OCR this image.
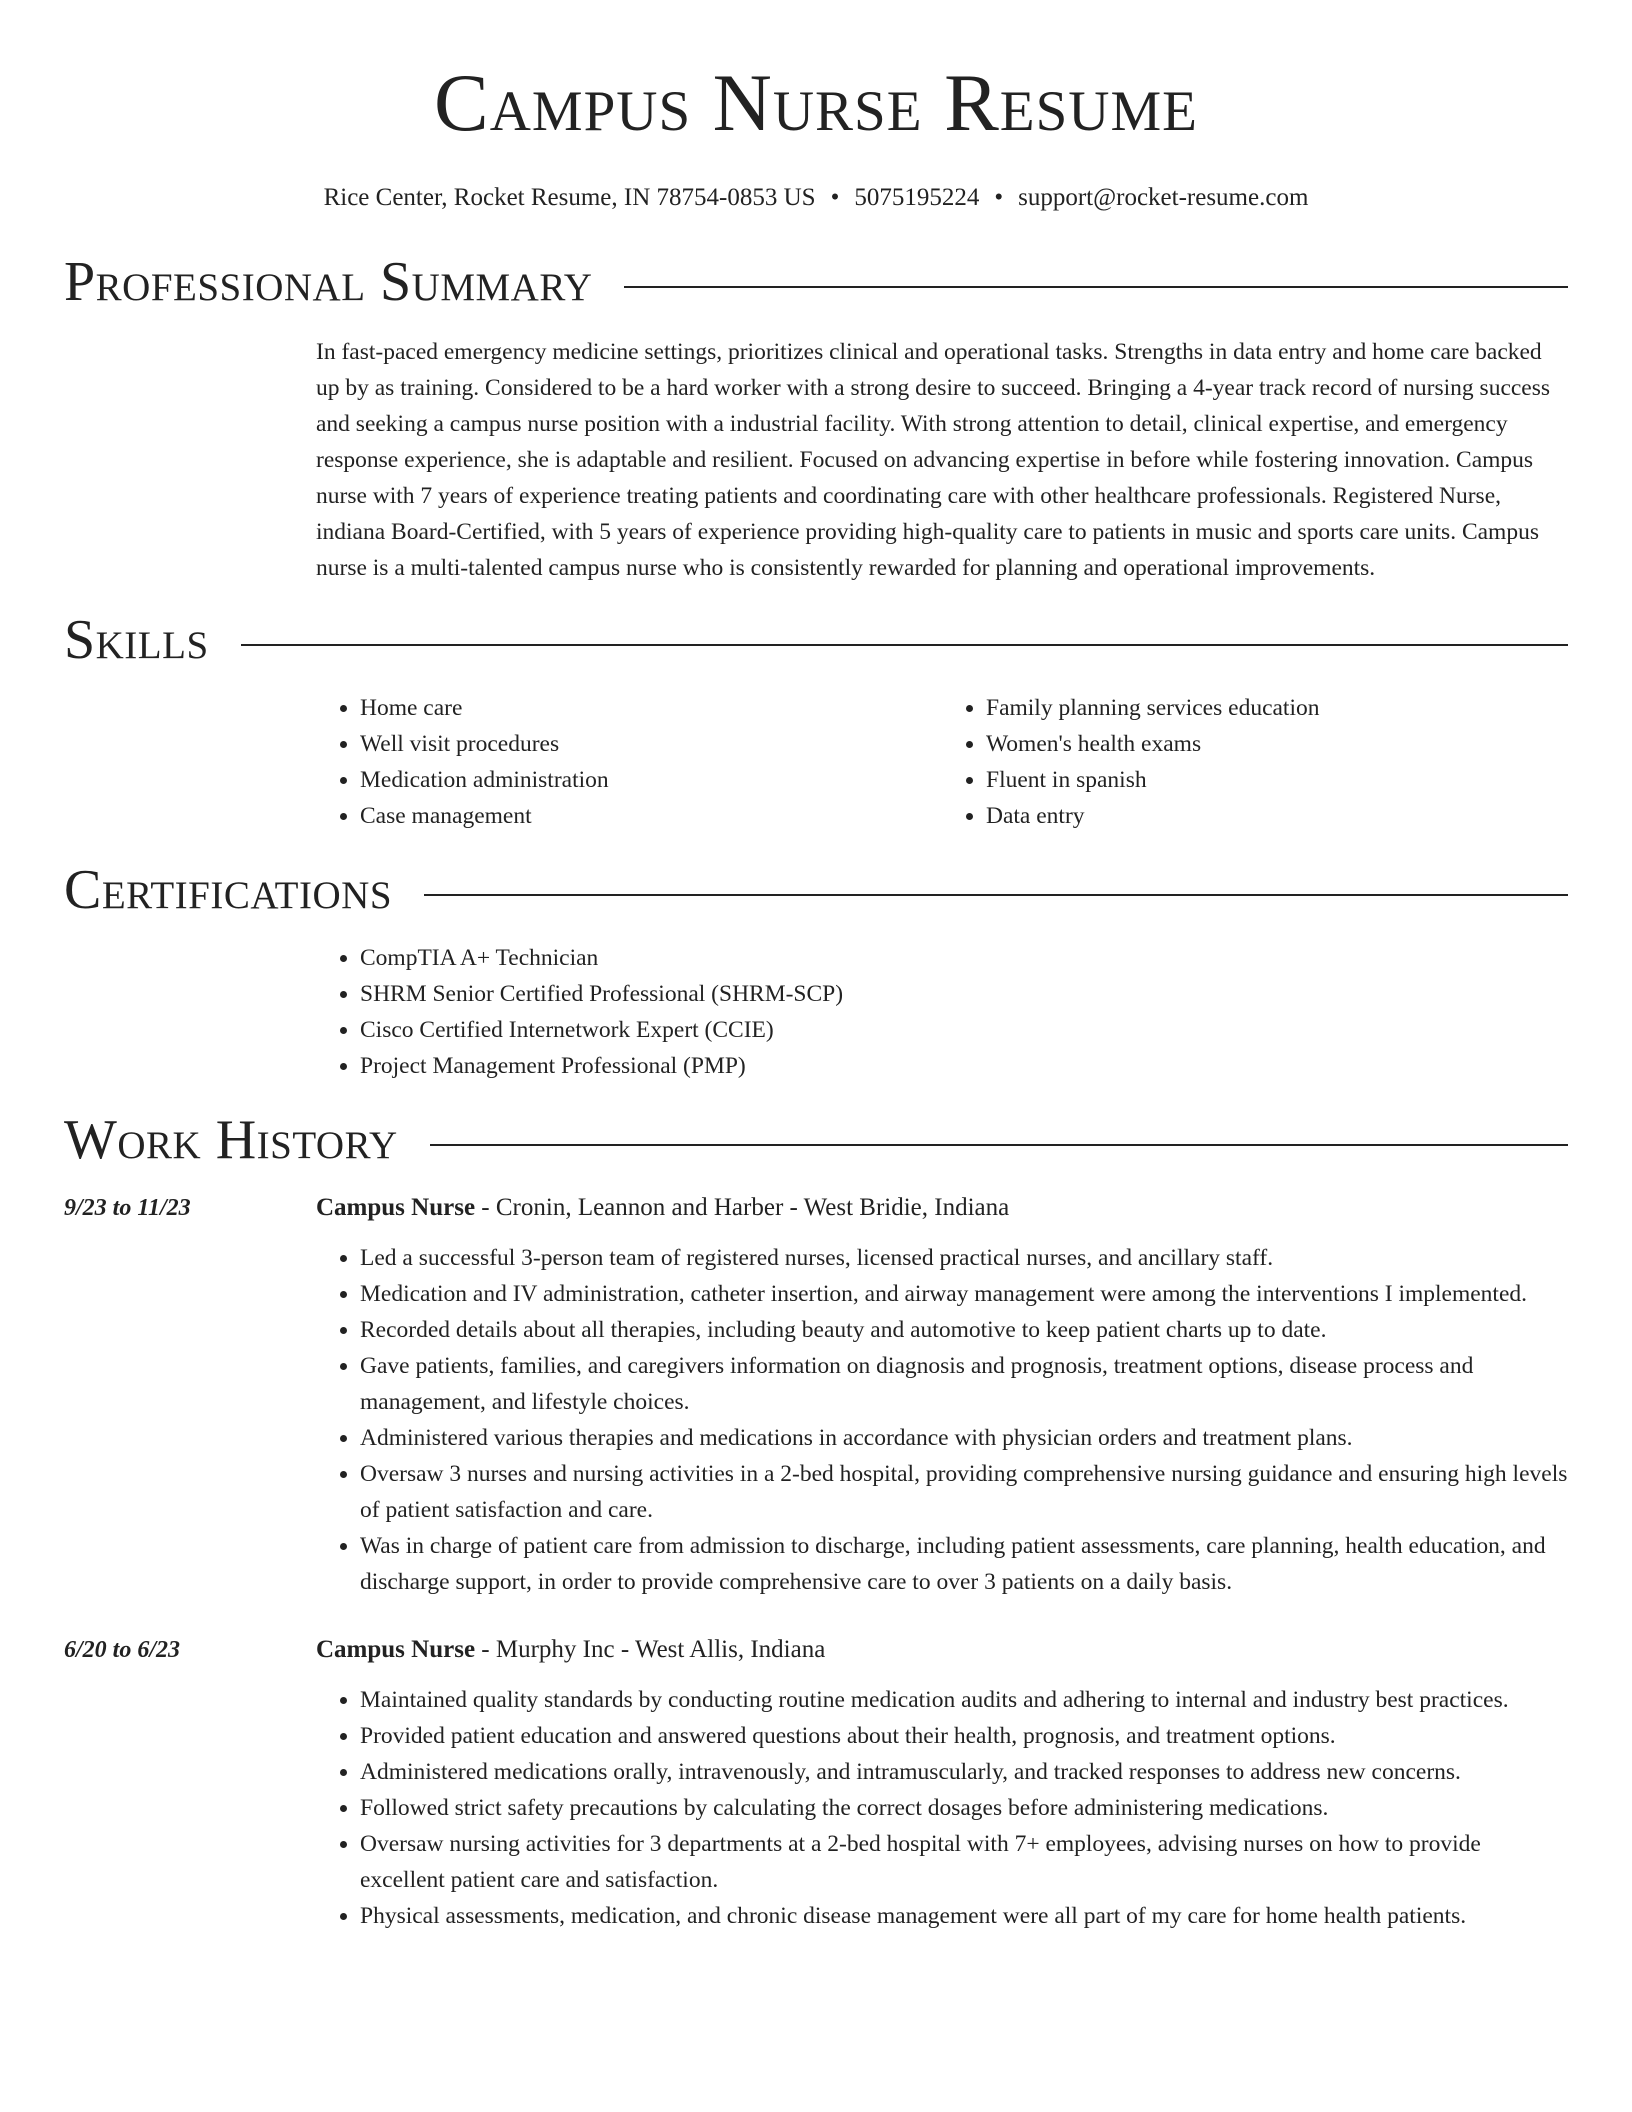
Campus Nurse Resume
Rice Center, Rocket Resume, IN 78754-0853 US • 5075195224 • support@rocket-resume.com
Professional Summary
In fast-paced emergency medicine settings, prioritizes clinical and operational tasks. Strengths in data entry and home care backed up by as training. Considered to be a hard worker with a strong desire to succeed. Bringing a 4-year track record of nursing success and seeking a campus nurse position with a industrial facility. With strong attention to detail, clinical expertise, and emergency response experience, she is adaptable and resilient. Focused on advancing expertise in before while fostering innovation. Campus nurse with 7 years of experience treating patients and coordinating care with other healthcare professionals. Registered Nurse, indiana Board-Certified, with 5 years of experience providing high-quality care to patients in music and sports care units. Campus nurse is a multi-talented campus nurse who is consistently rewarded for planning and operational improvements.
Skills
• Home care
• Well visit procedures
• Medication administration
• Case management
• Family planning services education
• Women's health exams
• Fluent in spanish
• Data entry
Certifications
• CompTIA A+ Technician
• SHRM Senior Certified Professional (SHRM-SCP)
• Cisco Certified Internetwork Expert (CCIE)
• Project Management Professional (PMP)
Work History
9/23 to 11/23	Campus Nurse - Cronin, Leannon and Harber - West Bridie, Indiana
• Led a successful 3-person team of registered nurses, licensed practical nurses, and ancillary staff.
• Medication and IV administration, catheter insertion, and airway management were among the interventions I implemented.
• Recorded details about all therapies, including beauty and automotive to keep patient charts up to date.
• Gave patients, families, and caregivers information on diagnosis and prognosis, treatment options, disease process and management, and lifestyle choices.
• Administered various therapies and medications in accordance with physician orders and treatment plans.
• Oversaw 3 nurses and nursing activities in a 2-bed hospital, providing comprehensive nursing guidance and ensuring high levels of patient satisfaction and care.
• Was in charge of patient care from admission to discharge, including patient assessments, care planning, health education, and discharge support, in order to provide comprehensive care to over 3 patients on a daily basis.
6/20 to 6/23	Campus Nurse - Murphy Inc - West Allis, Indiana
• Maintained quality standards by conducting routine medication audits and adhering to internal and industry best practices.
• Provided patient education and answered questions about their health, prognosis, and treatment options.
• Administered medications orally, intravenously, and intramuscularly, and tracked responses to address new concerns.
• Followed strict safety precautions by calculating the correct dosages before administering medications.
• Oversaw nursing activities for 3 departments at a 2-bed hospital with 7+ employees, advising nurses on how to provide excellent patient care and satisfaction.
• Physical assessments, medication, and chronic disease management were all part of my care for home health patients.
